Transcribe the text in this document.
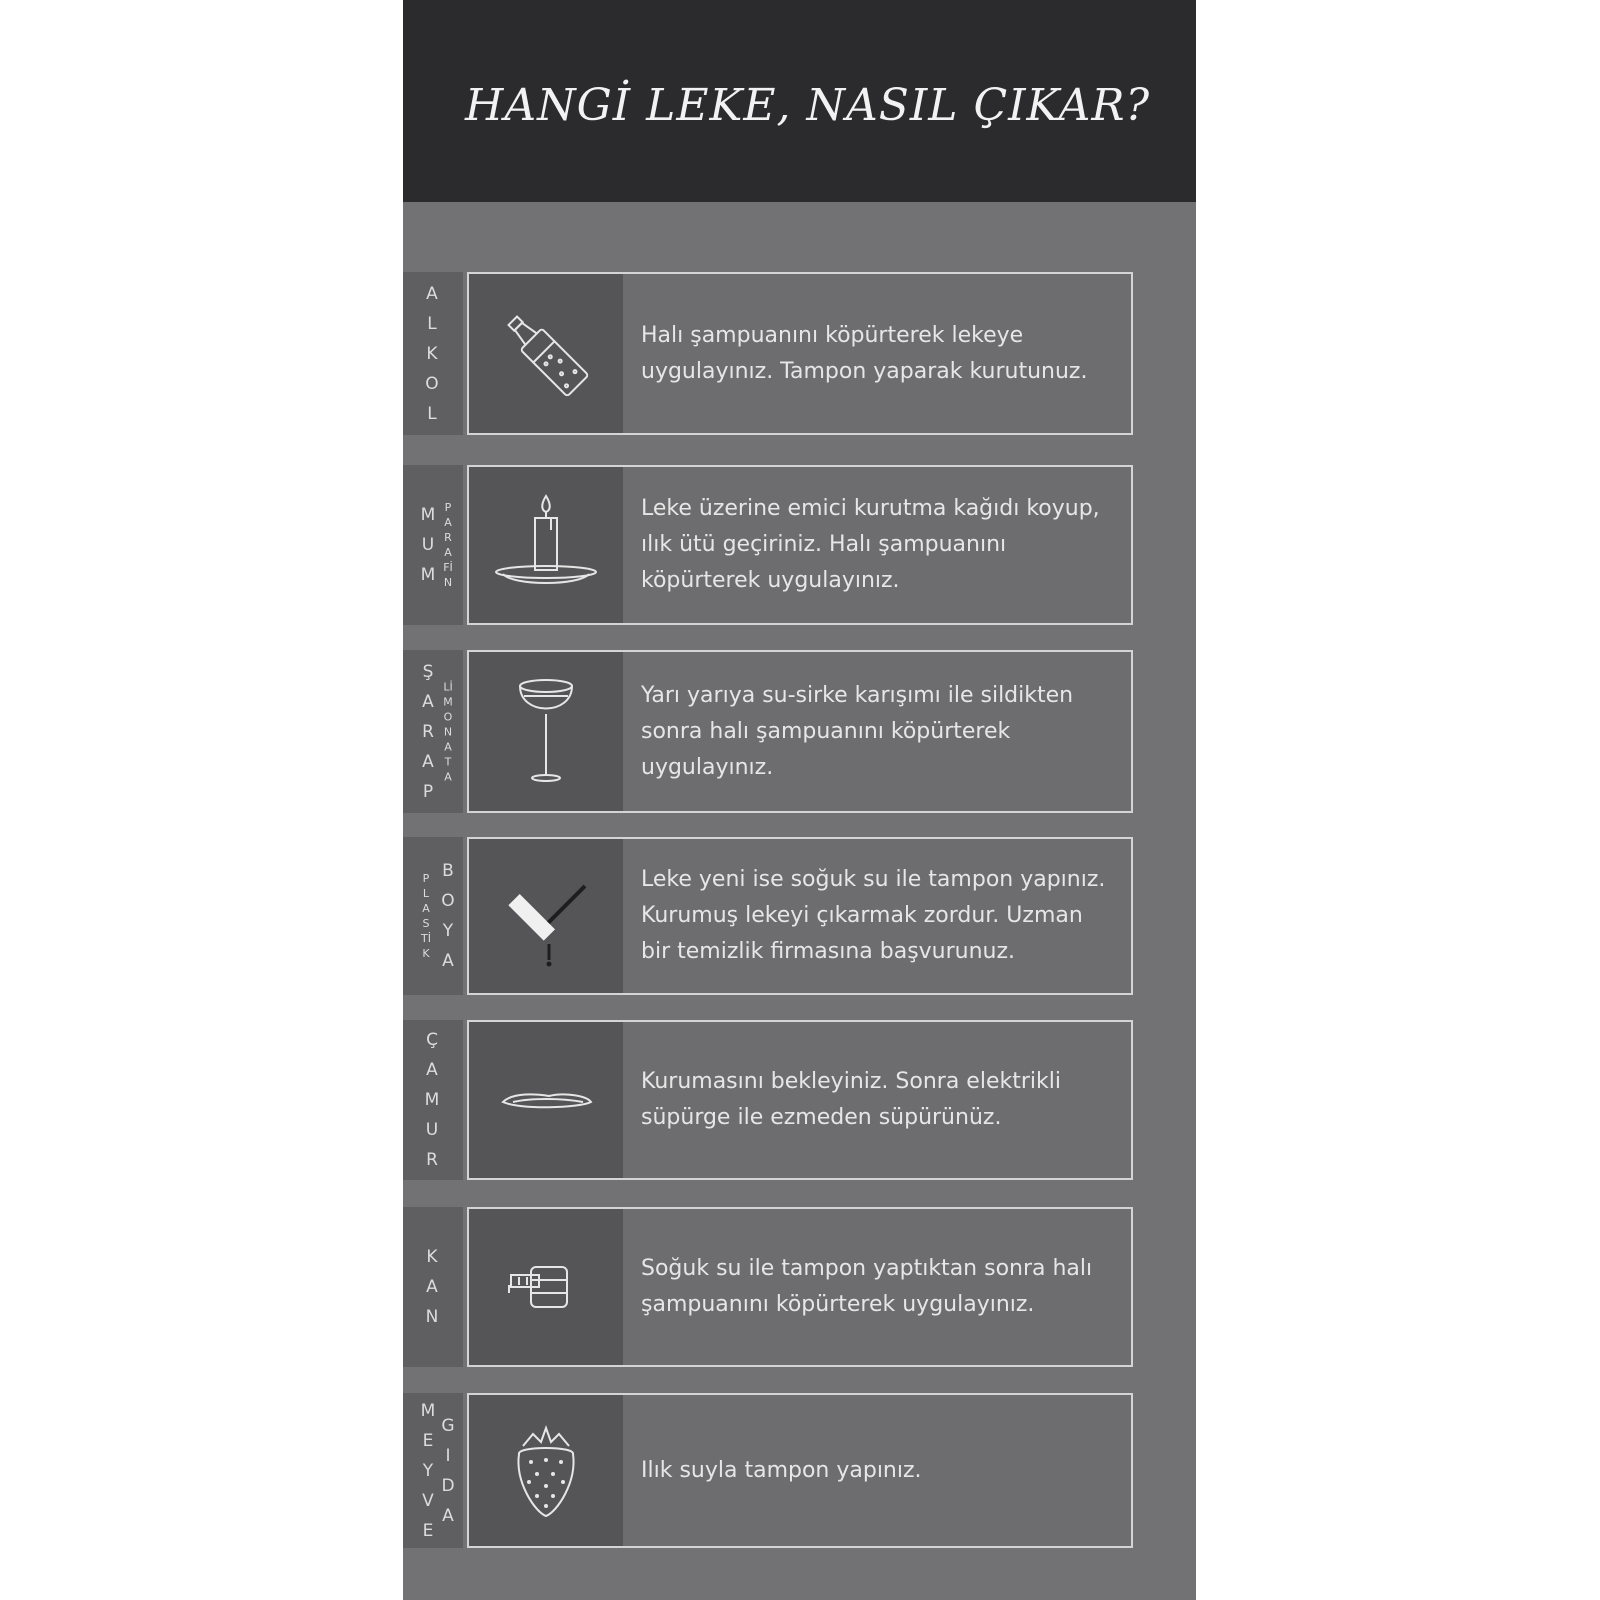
HANGİ LEKE, NASIL ÇIKAR?
ALKOL
Halı şampuanını köpürterek lekeye uygulayınız. Tampon yaparak kurutunuz.
MUM
PARAFİN
Leke üzerine emici kurutma kağıdı koyup, ılık ütü geçiriniz. Halı şampuanını köpürterek uygulayınız.
ŞARAP
LİMONATA
Yarı yarıya su-sirke karışımı ile sildikten sonra halı şampuanını köpürterek uygulayınız.
PLASTİK
BOYA
Leke yeni ise soğuk su ile tampon yapınız. Kurumuş lekeyi çıkarmak zordur. Uzman bir temizlik firmasına başvurunuz.
ÇAMUR
Kurumasını bekleyiniz. Sonra elektrikli süpürge ile ezmeden süpürünüz.
KAN
Soğuk su ile tampon yaptıktan sonra halı şampuanını köpürterek uygulayınız.
MEYVE
GIDA
Ilık suyla tampon yapınız.
